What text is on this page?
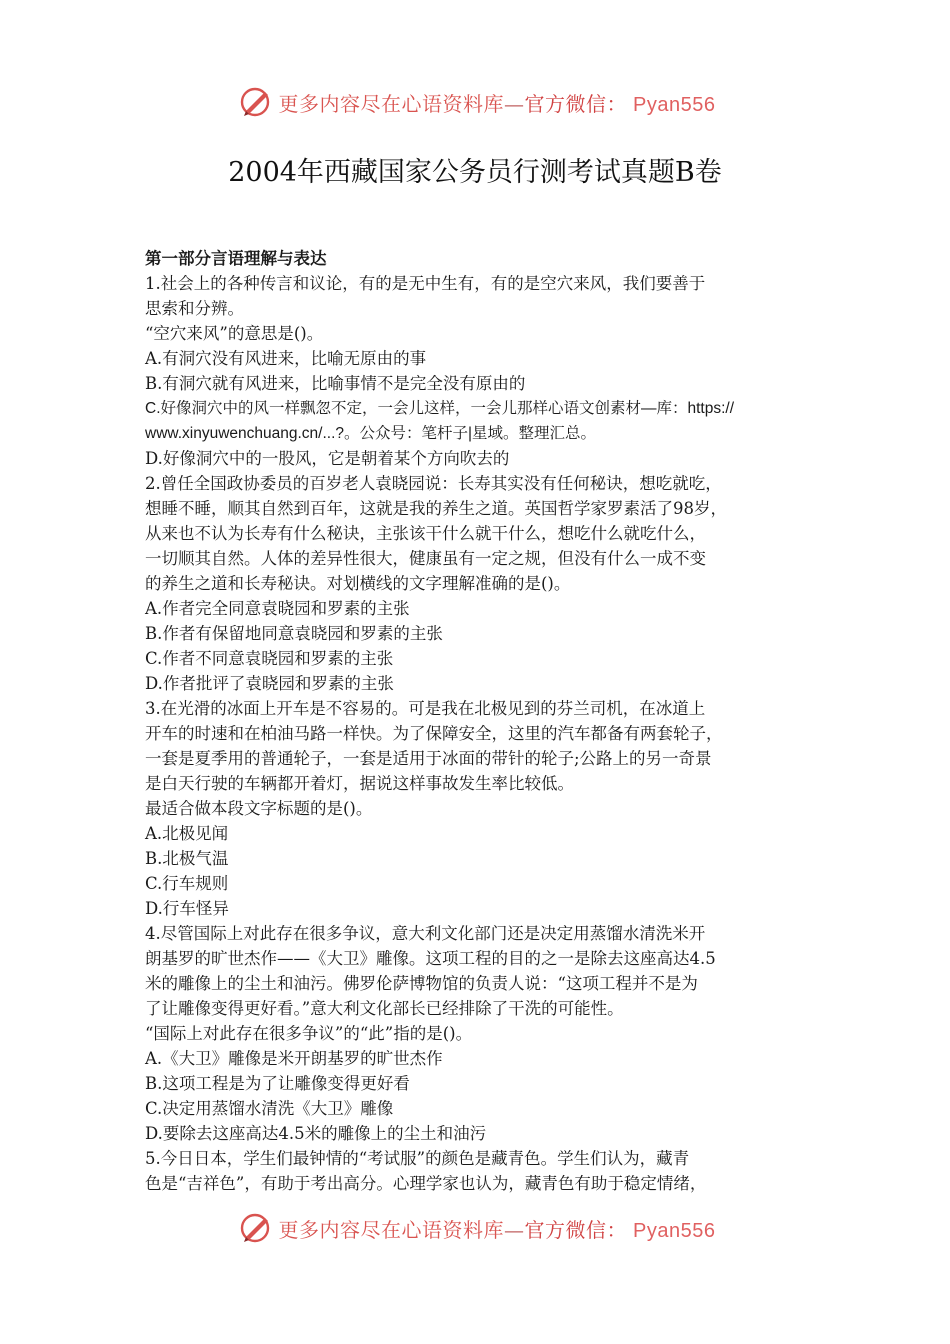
更多内容尽在心语资料库—官方微信： Pyan556
2004年西藏国家公务员行测考试真题B卷

第一部分言语理解与表达

1.社会上的各种传言和议论，有的是无中生有，有的是空穴来风，我们要善于

思索和分辨。

“空穴来风”的意思是()。

A.有洞穴没有风进来，比喻无原由的事

B.有洞穴就有风进来，比喻事情不是完全没有原由的

C.好像洞穴中的风一样飘忽不定，一会儿这样，一会儿那样心语文创素材—库：https://

www.xinyuwenchuang.cn/...?。公众号：笔杆子|星域。整理汇总。

D.好像洞穴中的一股风，它是朝着某个方向吹去的

2.曾任全国政协委员的百岁老人袁晓园说：长寿其实没有任何秘诀，想吃就吃，

想睡不睡，顺其自然到百年，这就是我的养生之道。英国哲学家罗素活了98岁，

从来也不认为长寿有什么秘诀，主张该干什么就干什么，想吃什么就吃什么，

一切顺其自然。人体的差异性很大，健康虽有一定之规，但没有什么一成不变

的养生之道和长寿秘诀。对划横线的文字理解准确的是()。

A.作者完全同意袁晓园和罗素的主张

B.作者有保留地同意袁晓园和罗素的主张

C.作者不同意袁晓园和罗素的主张

D.作者批评了袁晓园和罗素的主张

3.在光滑的冰面上开车是不容易的。可是我在北极见到的芬兰司机，在冰道上

开车的时速和在柏油马路一样快。为了保障安全，这里的汽车都备有两套轮子，

一套是夏季用的普通轮子，一套是适用于冰面的带针的轮子;公路上的另一奇景

是白天行驶的车辆都开着灯，据说这样事故发生率比较低。

最适合做本段文字标题的是()。

A.北极见闻

B.北极气温

C.行车规则

D.行车怪异

4.尽管国际上对此存在很多争议，意大利文化部门还是决定用蒸馏水清洗米开

朗基罗的旷世杰作——《大卫》雕像。这项工程的目的之一是除去这座高达4.5

米的雕像上的尘土和油污。佛罗伦萨博物馆的负责人说：“这项工程并不是为

了让雕像变得更好看。”意大利文化部长已经排除了干洗的可能性。

“国际上对此存在很多争议”的“此”指的是()。

A.《大卫》雕像是米开朗基罗的旷世杰作

B.这项工程是为了让雕像变得更好看

C.决定用蒸馏水清洗《大卫》雕像

D.要除去这座高达4.5米的雕像上的尘土和油污

5.今日日本，学生们最钟情的“考试服”的颜色是藏青色。学生们认为，藏青

色是“吉祥色”，有助于考出高分。心理学家也认为，藏青色有助于稳定情绪，

更多内容尽在心语资料库—官方微信： Pyan556
